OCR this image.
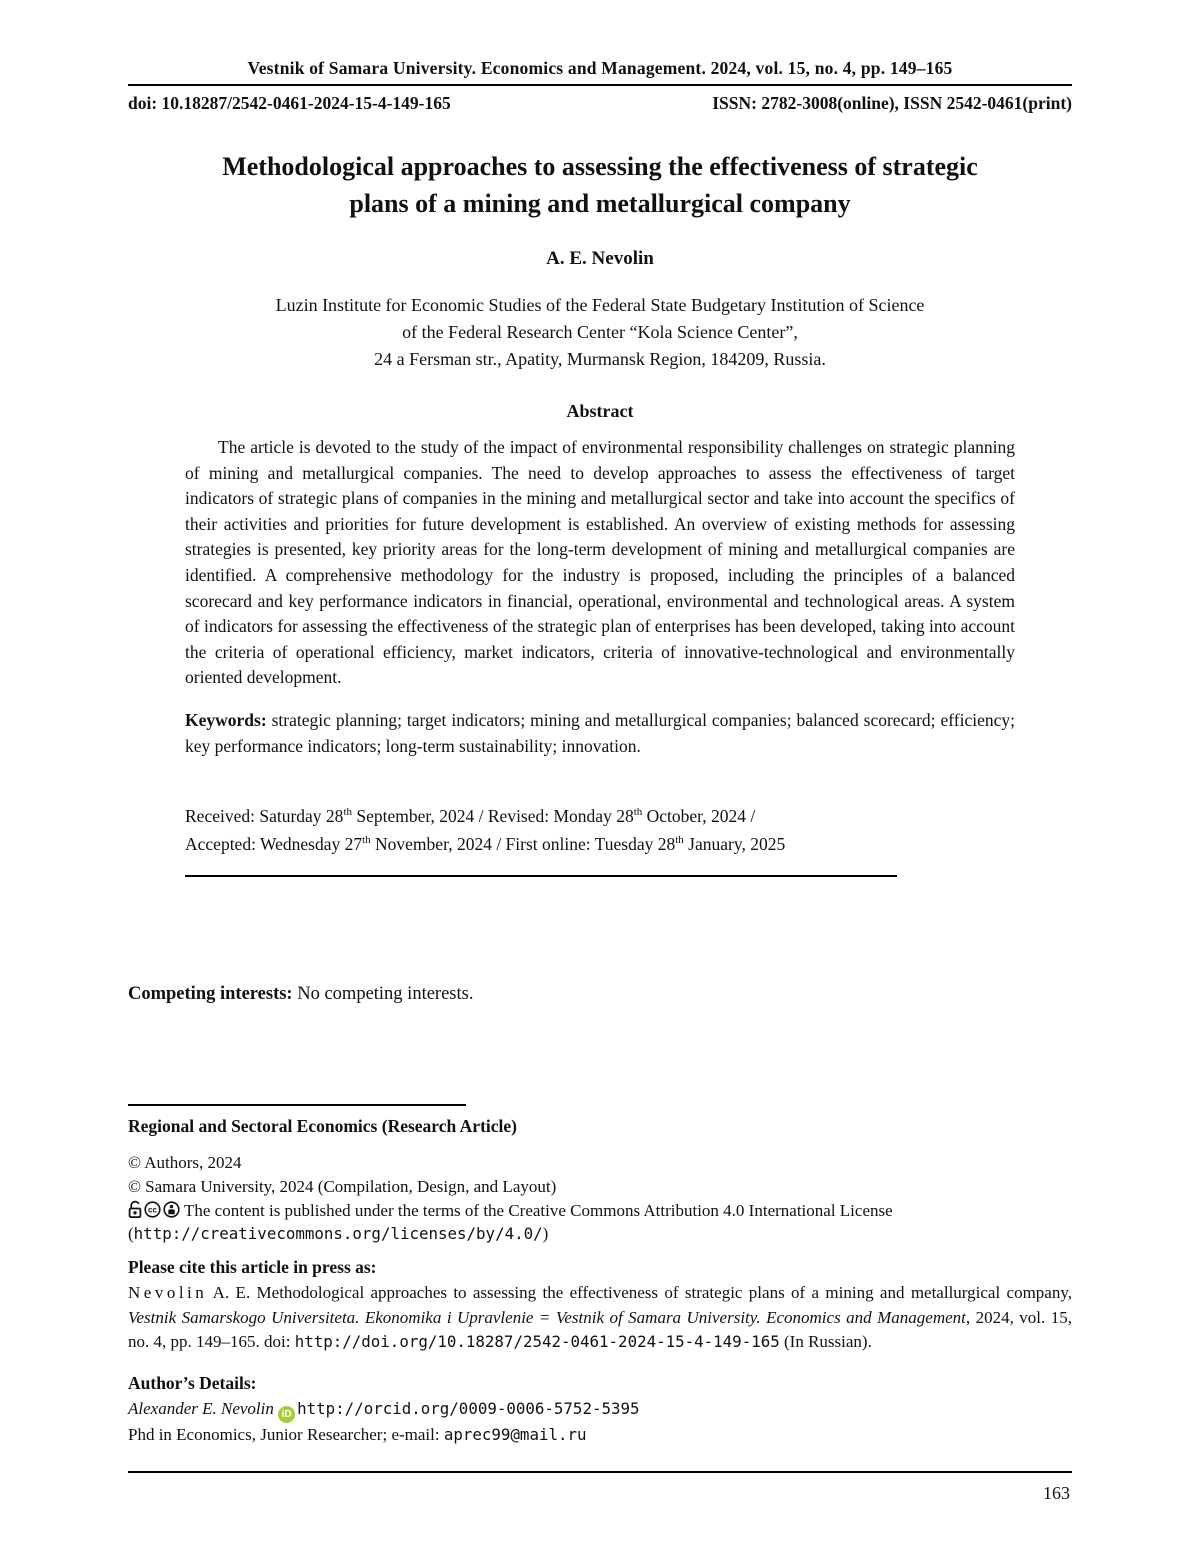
Vestnik of Samara University. Economics and Management. 2024, vol. 15, no. 4, pp. 149–165
doi: 10.18287/2542-0461-2024-15-4-149-165	ISSN: 2782-3008(online), ISSN 2542-0461(print)
Methodological approaches to assessing the effectiveness of strategic
plans of a mining and metallurgical company
A. E. Nevolin
Luzin Institute for Economic Studies of the Federal State Budgetary Institution of Science
of the Federal Research Center “Kola Science Center”,
24 a Fersman str., Apatity, Murmansk Region, 184209, Russia.
Abstract

The article is devoted to the study of the impact of environmental responsibility challenges on strategic planning of mining and metallurgical companies. The need to develop approaches to assess the effectiveness of target indicators of strategic plans of companies in the mining and metallurgical sector and take into account the specifics of their activities and priorities for future development is established. An overview of existing methods for assessing strategies is presented, key priority areas for the long-term development of mining and metallurgical companies are identified. A comprehensive methodology for the industry is proposed, including the principles of a balanced scorecard and key performance indicators in financial, operational, environmental and technological areas. A system of indicators for assessing the effectiveness of the strategic plan of enterprises has been developed, taking into account the criteria of operational efficiency, market indicators, criteria of innovative-technological and environmentally oriented development.

Keywords: strategic planning; target indicators; mining and metallurgical companies; balanced scorecard; efficiency; key performance indicators; long-term sustainability; innovation.

Received: Saturday 28th September, 2024 / Revised: Monday 28th October, 2024 /
Accepted: Wednesday 27th November, 2024 / First online: Tuesday 28th January, 2025
Competing interests: No competing interests.
Regional and Sectoral Economics (Research Article)
© Authors, 2024
© Samara University, 2024 (Compilation, Design, and Layout)
cc The content is published under the terms of the Creative Commons Attribution 4.0 International License
(http://creativecommons.org/licenses/by/4.0/)
Please cite this article in press as:

Nevolin A. E. Methodological approaches to assessing the effectiveness of strategic plans of a mining and metallurgical company, Vestnik Samarskogo Universiteta. Ekonomika i Upravlenie = Vestnik of Samara University. Economics and Management, 2024, vol. 15, no. 4, pp. 149–165. doi: http://doi.org/10.18287/2542-0461-2024-15-4-149-165 (In Russian).

Author’s Details:
Alexander E. Nevolin iD http://orcid.org/0009-0006-5752-5395
Phd in Economics, Junior Researcher; e-mail: aprec99@mail.ru
163
